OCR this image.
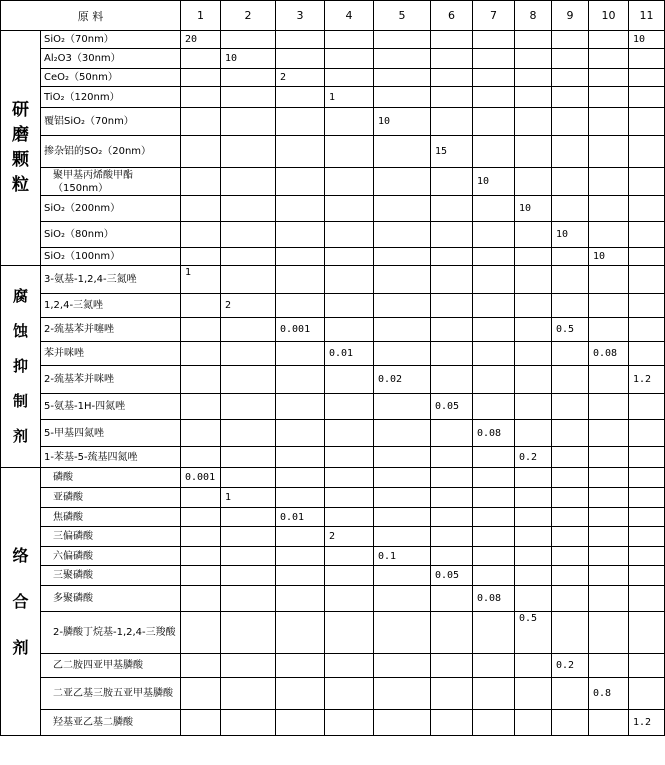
原 料		1	2	3	4	5	6	7	8	9	10	11
研磨颗粒	SiO₂（70nm）	20										10
	Al₂O3（30nm）		10									
	CeO₂（50nm）			2								
	TiO₂（120nm）				1							
	覆铝SiO₂（70nm）					10						
	掺杂铝的SO₂（20nm）						15					
	聚甲基丙烯酸甲酯（150nm）							10				
	SiO₂（200nm）								10			
	SiO₂（80nm）									10		
	SiO₂（100nm）										10	
腐蚀抑制剂	3-氨基-1,2,4-三氮唑	1										
	1,2,4-三氮唑		2									
	2-巯基苯并噻唑			0.001						0.5		
	苯并咪唑				0.01						0.08	
	2-巯基苯并咪唑					0.02						1.2
	5-氨基-1H-四氮唑						0.05					
	5-甲基四氮唑							0.08				
	1-苯基-5-巯基四氮唑								0.2			
络合剂	磷酸	0.001										
	亚磷酸		1									
	焦磷酸			0.01								
	三偏磷酸				2							
	六偏磷酸					0.1						
	三聚磷酸						0.05					
	多聚磷酸							0.08				
	2-膦酸丁烷基-1,2,4-三羧酸								0.5			
	乙二胺四亚甲基膦酸									0.2		
	二亚乙基三胺五亚甲基膦酸										0.8	
	羟基亚乙基二膦酸											1.2
